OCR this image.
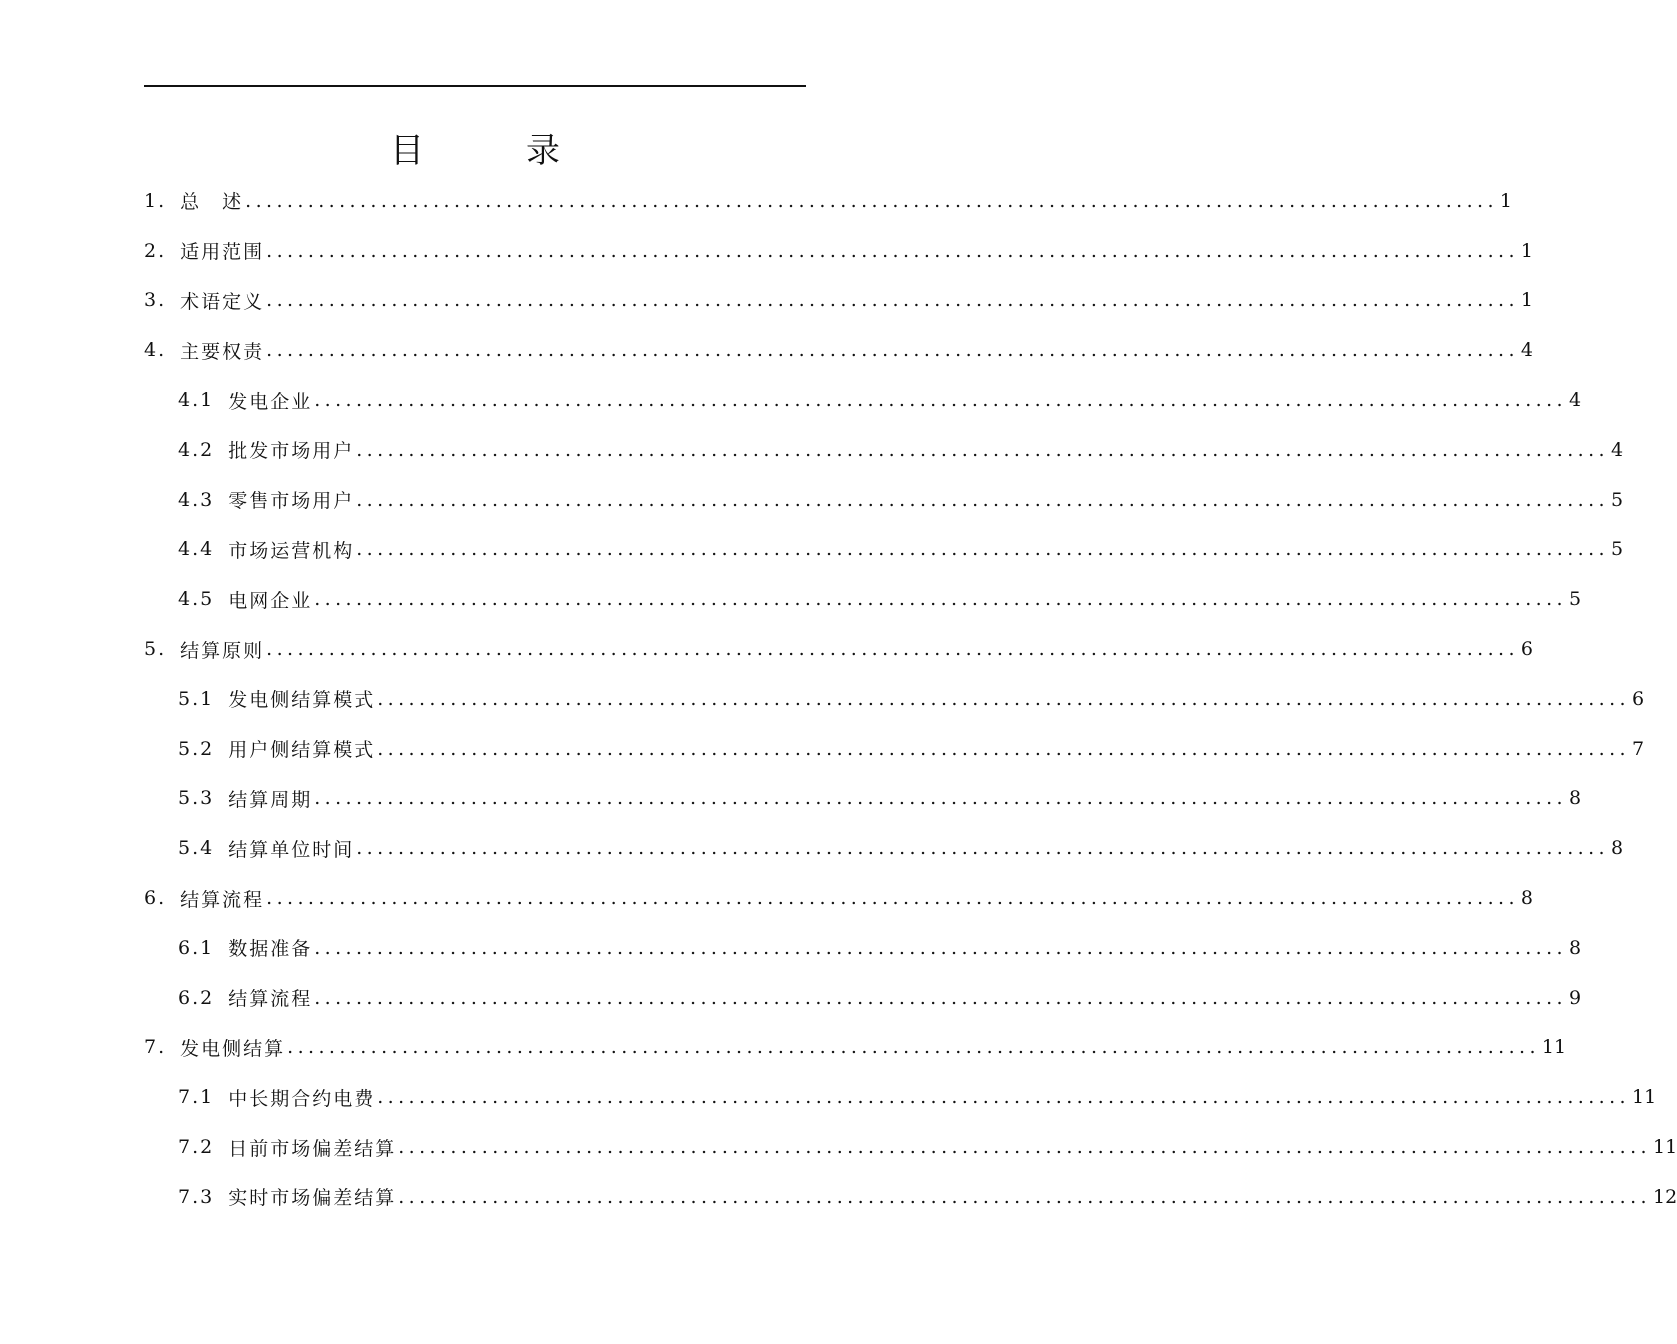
目　录
1. 总　述 ........................................................................................................................ 1
2. 适用范围 ........................................................................................................................ 1
3. 术语定义 ........................................................................................................................ 1
4. 主要权责 ........................................................................................................................ 4
4.1 发电企业 ........................................................................................................................ 4
4.2 批发市场用户 ........................................................................................................................ 4
4.3 零售市场用户 ........................................................................................................................ 5
4.4 市场运营机构 ........................................................................................................................ 5
4.5 电网企业 ........................................................................................................................ 5
5. 结算原则 ........................................................................................................................ 6
5.1 发电侧结算模式 ........................................................................................................................ 6
5.2 用户侧结算模式 ........................................................................................................................ 7
5.3 结算周期 ........................................................................................................................ 8
5.4 结算单位时间 ........................................................................................................................ 8
6. 结算流程 ........................................................................................................................ 8
6.1 数据准备 ........................................................................................................................ 8
6.2 结算流程 ........................................................................................................................ 9
7. 发电侧结算 ........................................................................................................................ 11
7.1 中长期合约电费 ........................................................................................................................ 11
7.2 日前市场偏差结算 ........................................................................................................................ 11
7.3 实时市场偏差结算 ........................................................................................................................ 12
